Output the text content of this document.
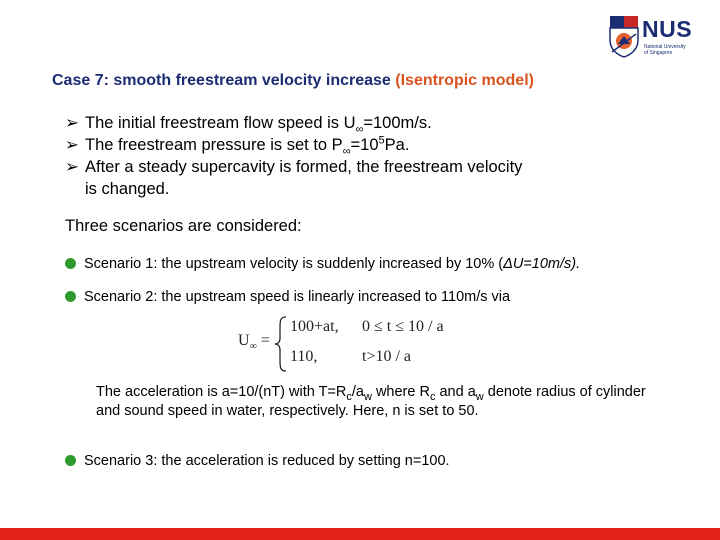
NUS
National University
of Singapore
Case 7: smooth freestream velocity increase (Isentropic model)
➢ The initial freestream flow speed is $U_\infty=100m/s$.
➢ The freestream pressure is set to $P_\infty=10^5Pa$.
➢ After a steady supercavity is formed, the freestream velocity
is changed.
Three scenarios are considered:
Scenario 1: the upstream velocity is suddenly increased by 10% (ΔU=10m/s).
Scenario 2: the upstream speed is linearly increased to 110m/s via
$U_\infty$ =
100+at, 0 ≤ t ≤ 10 / a
110,	t>10 / a
The acceleration is a=10/(nT) with $T=R_c/a_w$ where $R_c$ and $a_w$ denote radius of cylinder and sound speed in water, respectively. Here, n is set to 50.
Scenario 3: the acceleration is reduced by setting n=100.
